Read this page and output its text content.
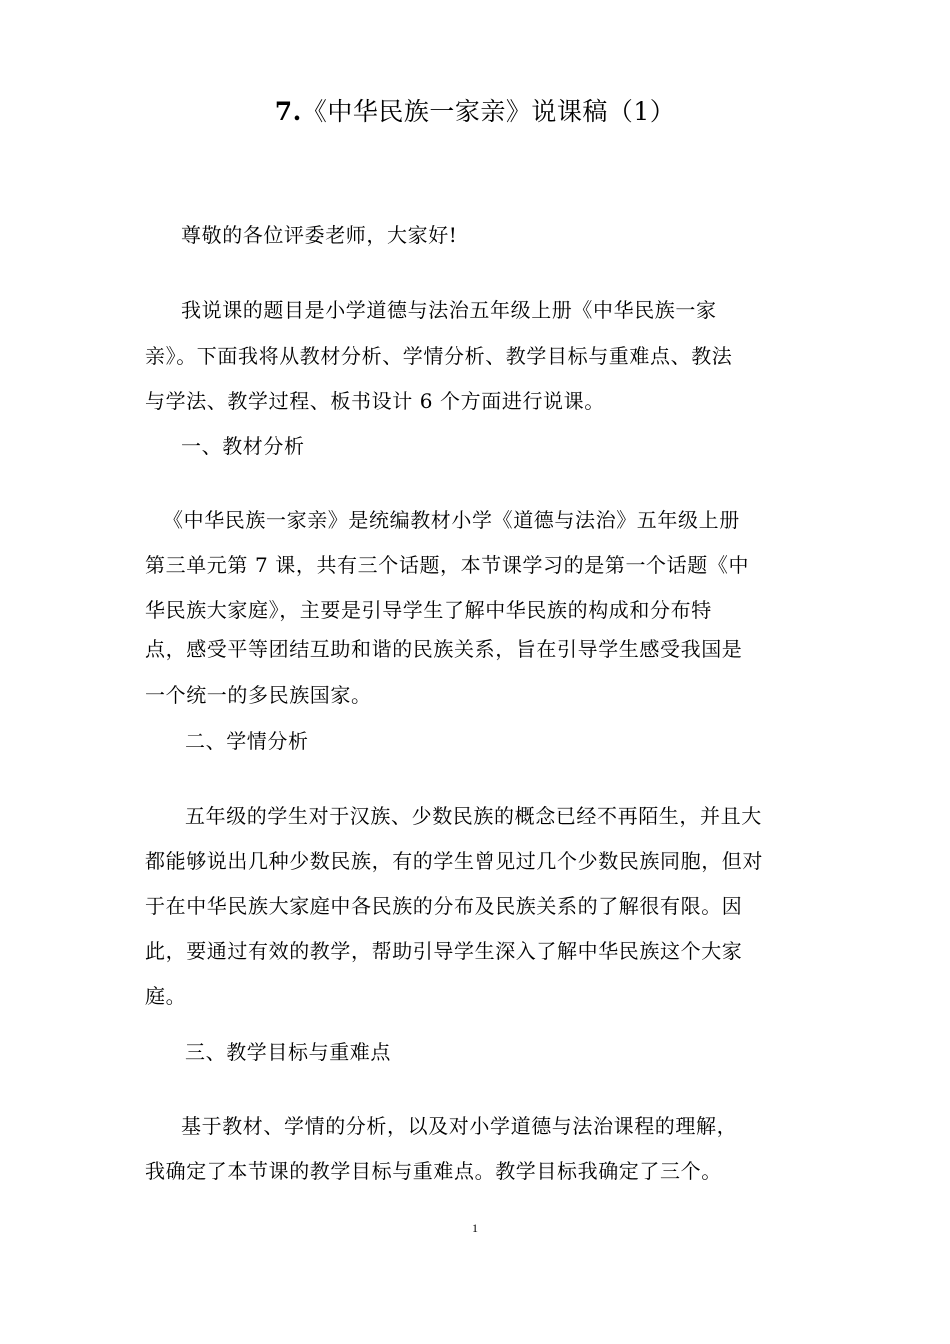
7.《中华民族一家亲》说课稿（1）
尊敬的各位评委老师，大家好!
我说课的题目是小学道德与法治五年级上册《中华民族一家
亲》。下面我将从教材分析、学情分析、教学目标与重难点、教法
与学法、教学过程、板书设计 6 个方面进行说课。
一、教材分析
《中华民族一家亲》是统编教材小学《道德与法治》五年级上册
第三单元第 7 课，共有三个话题，本节课学习的是第一个话题《中
华民族大家庭》，主要是引导学生了解中华民族的构成和分布特
点，感受平等团结互助和谐的民族关系，旨在引导学生感受我国是
一个统一的多民族国家。
二、学情分析
五年级的学生对于汉族、少数民族的概念已经不再陌生，并且大
都能够说出几种少数民族，有的学生曾见过几个少数民族同胞，但对
于在中华民族大家庭中各民族的分布及民族关系的了解很有限。因
此，要通过有效的教学，帮助引导学生深入了解中华民族这个大家
庭。
三、教学目标与重难点
基于教材、学情的分析，以及对小学道德与法治课程的理解，
我确定了本节课的教学目标与重难点。教学目标我确定了三个。
1
